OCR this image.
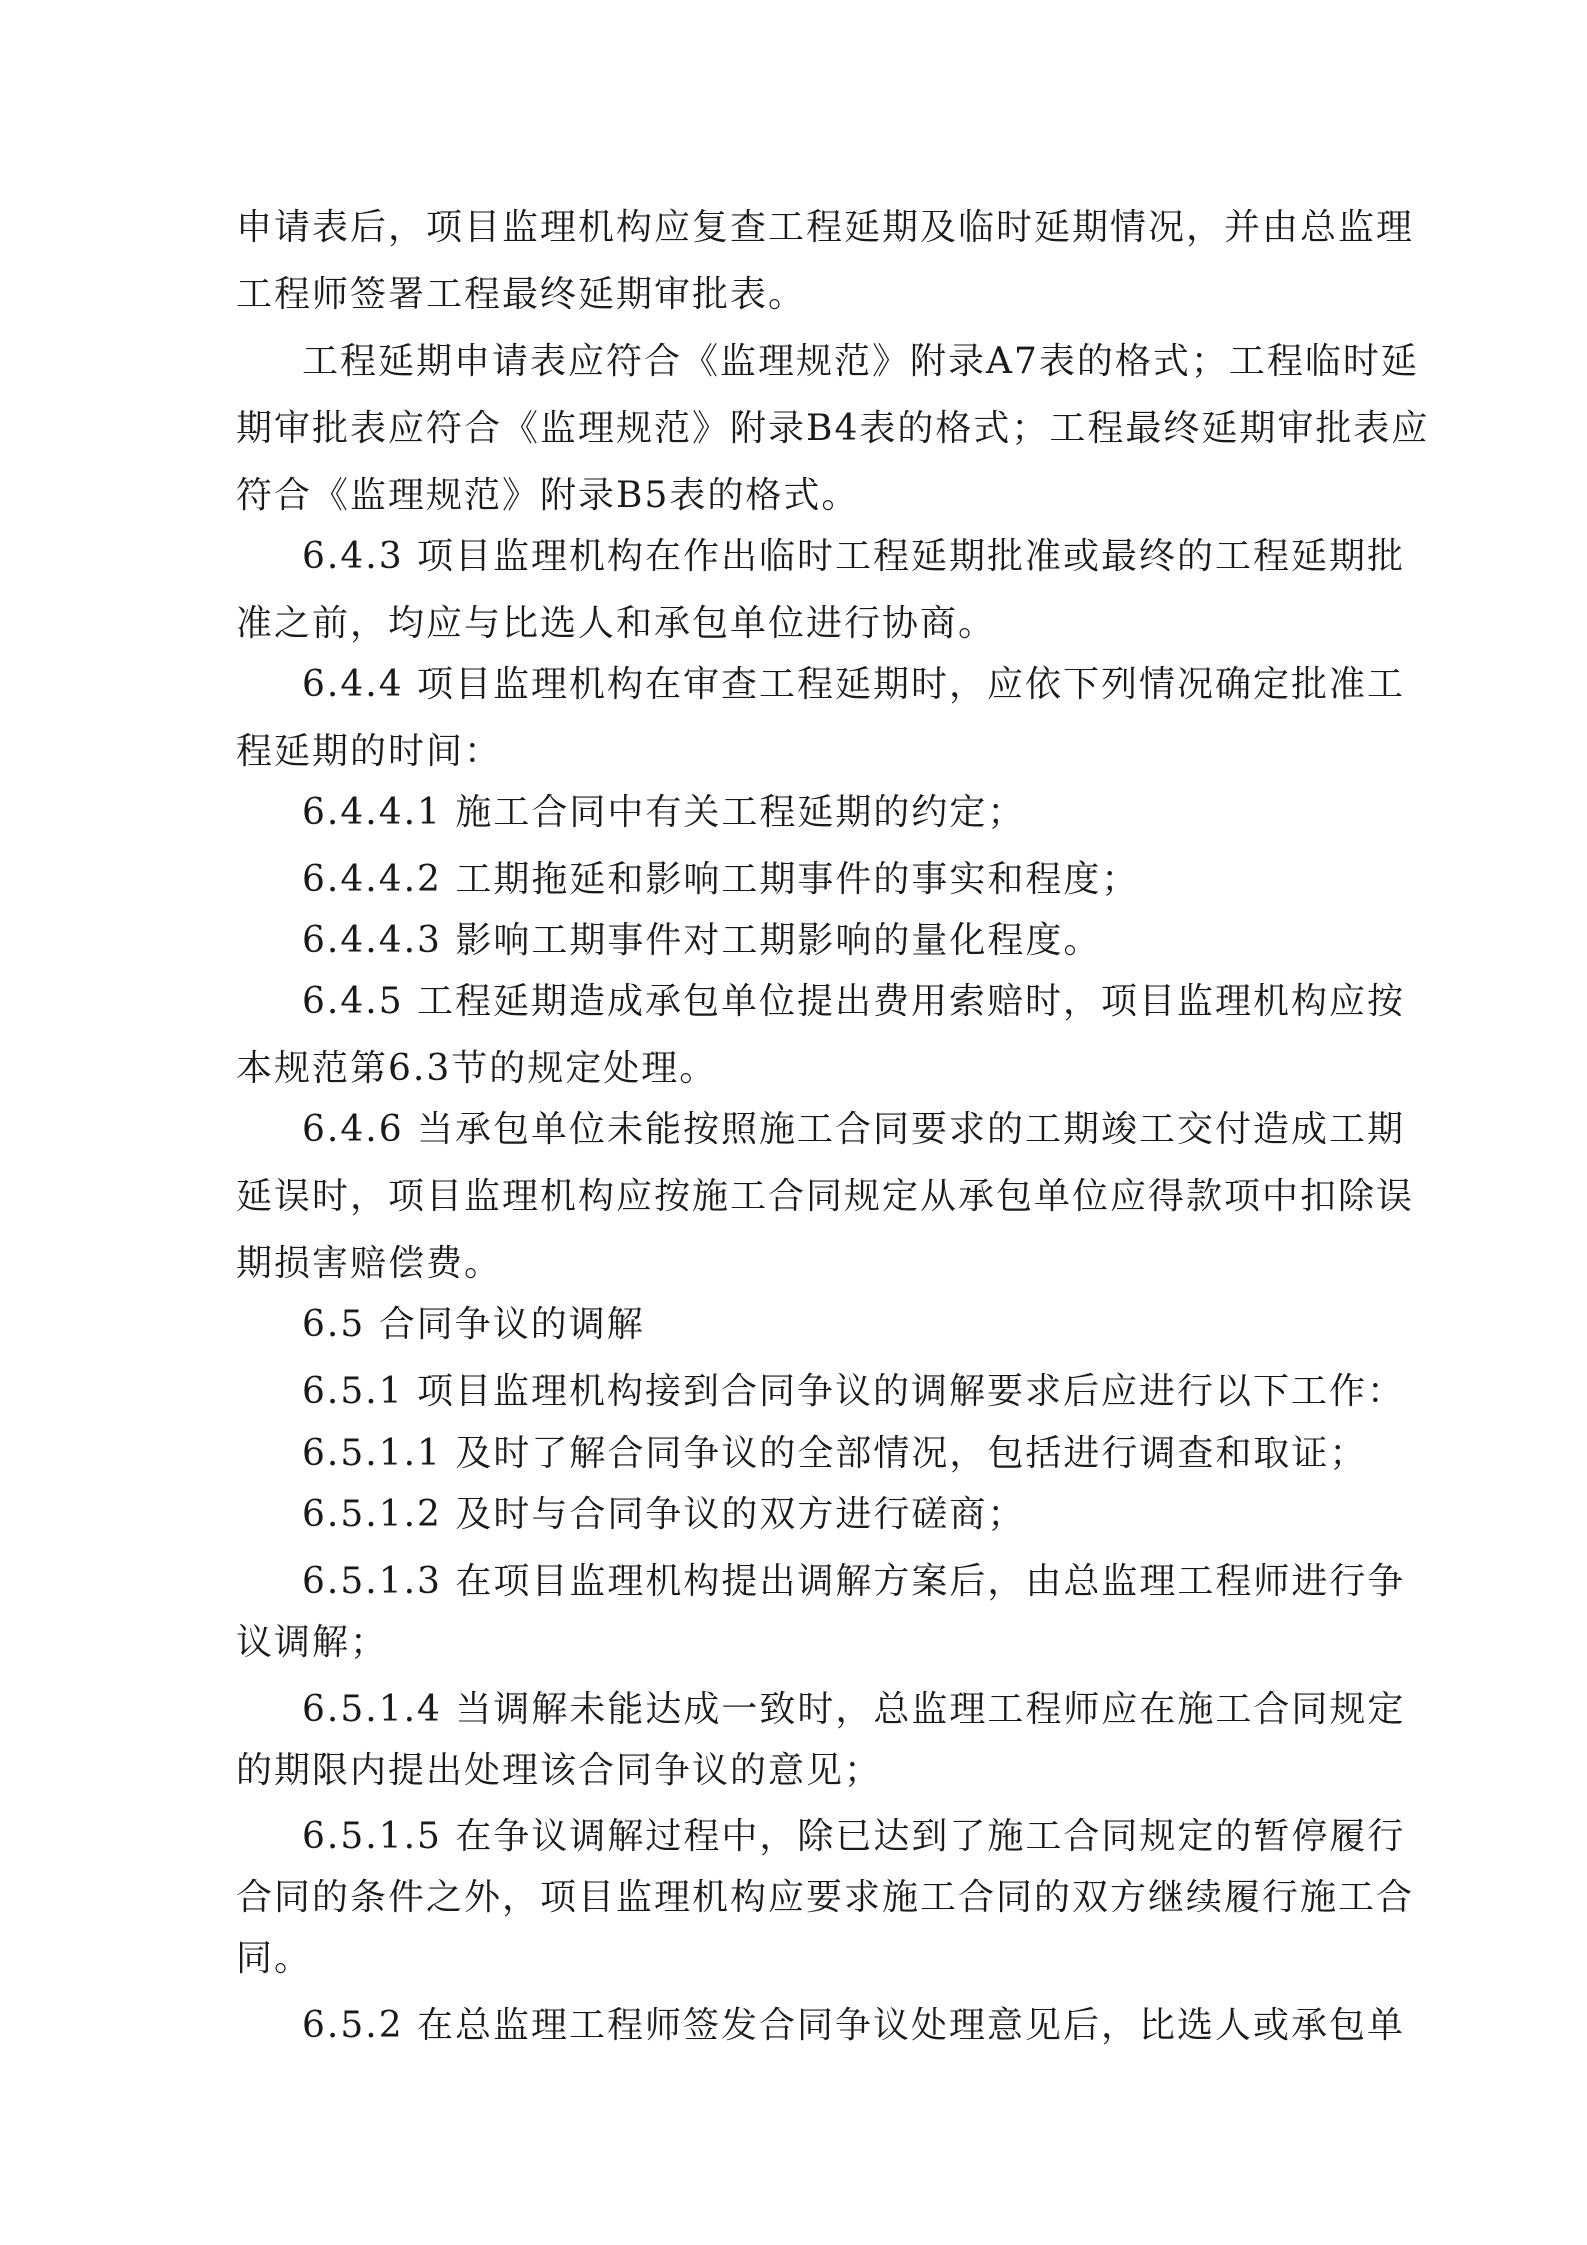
申请表后，项目监理机构应复查工程延期及临时延期情况，并由总监理
工程师签署工程最终延期审批表。
工程延期申请表应符合《监理规范》附录A7表的格式；工程临时延
期审批表应符合《监理规范》附录B4表的格式；工程最终延期审批表应
符合《监理规范》附录B5表的格式。
6.4.3 项目监理机构在作出临时工程延期批准或最终的工程延期批
准之前，均应与比选人和承包单位进行协商。
6.4.4 项目监理机构在审查工程延期时，应依下列情况确定批准工
程延期的时间：
6.4.4.1 施工合同中有关工程延期的约定；
6.4.4.2 工期拖延和影响工期事件的事实和程度；
6.4.4.3 影响工期事件对工期影响的量化程度。
6.4.5 工程延期造成承包单位提出费用索赔时，项目监理机构应按
本规范第6.3节的规定处理。
6.4.6 当承包单位未能按照施工合同要求的工期竣工交付造成工期
延误时，项目监理机构应按施工合同规定从承包单位应得款项中扣除误
期损害赔偿费。
6.5 合同争议的调解
6.5.1 项目监理机构接到合同争议的调解要求后应进行以下工作：
6.5.1.1 及时了解合同争议的全部情况，包括进行调查和取证；
6.5.1.2 及时与合同争议的双方进行磋商；
6.5.1.3 在项目监理机构提出调解方案后，由总监理工程师进行争
议调解；
6.5.1.4 当调解未能达成一致时，总监理工程师应在施工合同规定
的期限内提出处理该合同争议的意见；
6.5.1.5 在争议调解过程中，除已达到了施工合同规定的暂停履行
合同的条件之外，项目监理机构应要求施工合同的双方继续履行施工合
同。
6.5.2 在总监理工程师签发合同争议处理意见后，比选人或承包单
